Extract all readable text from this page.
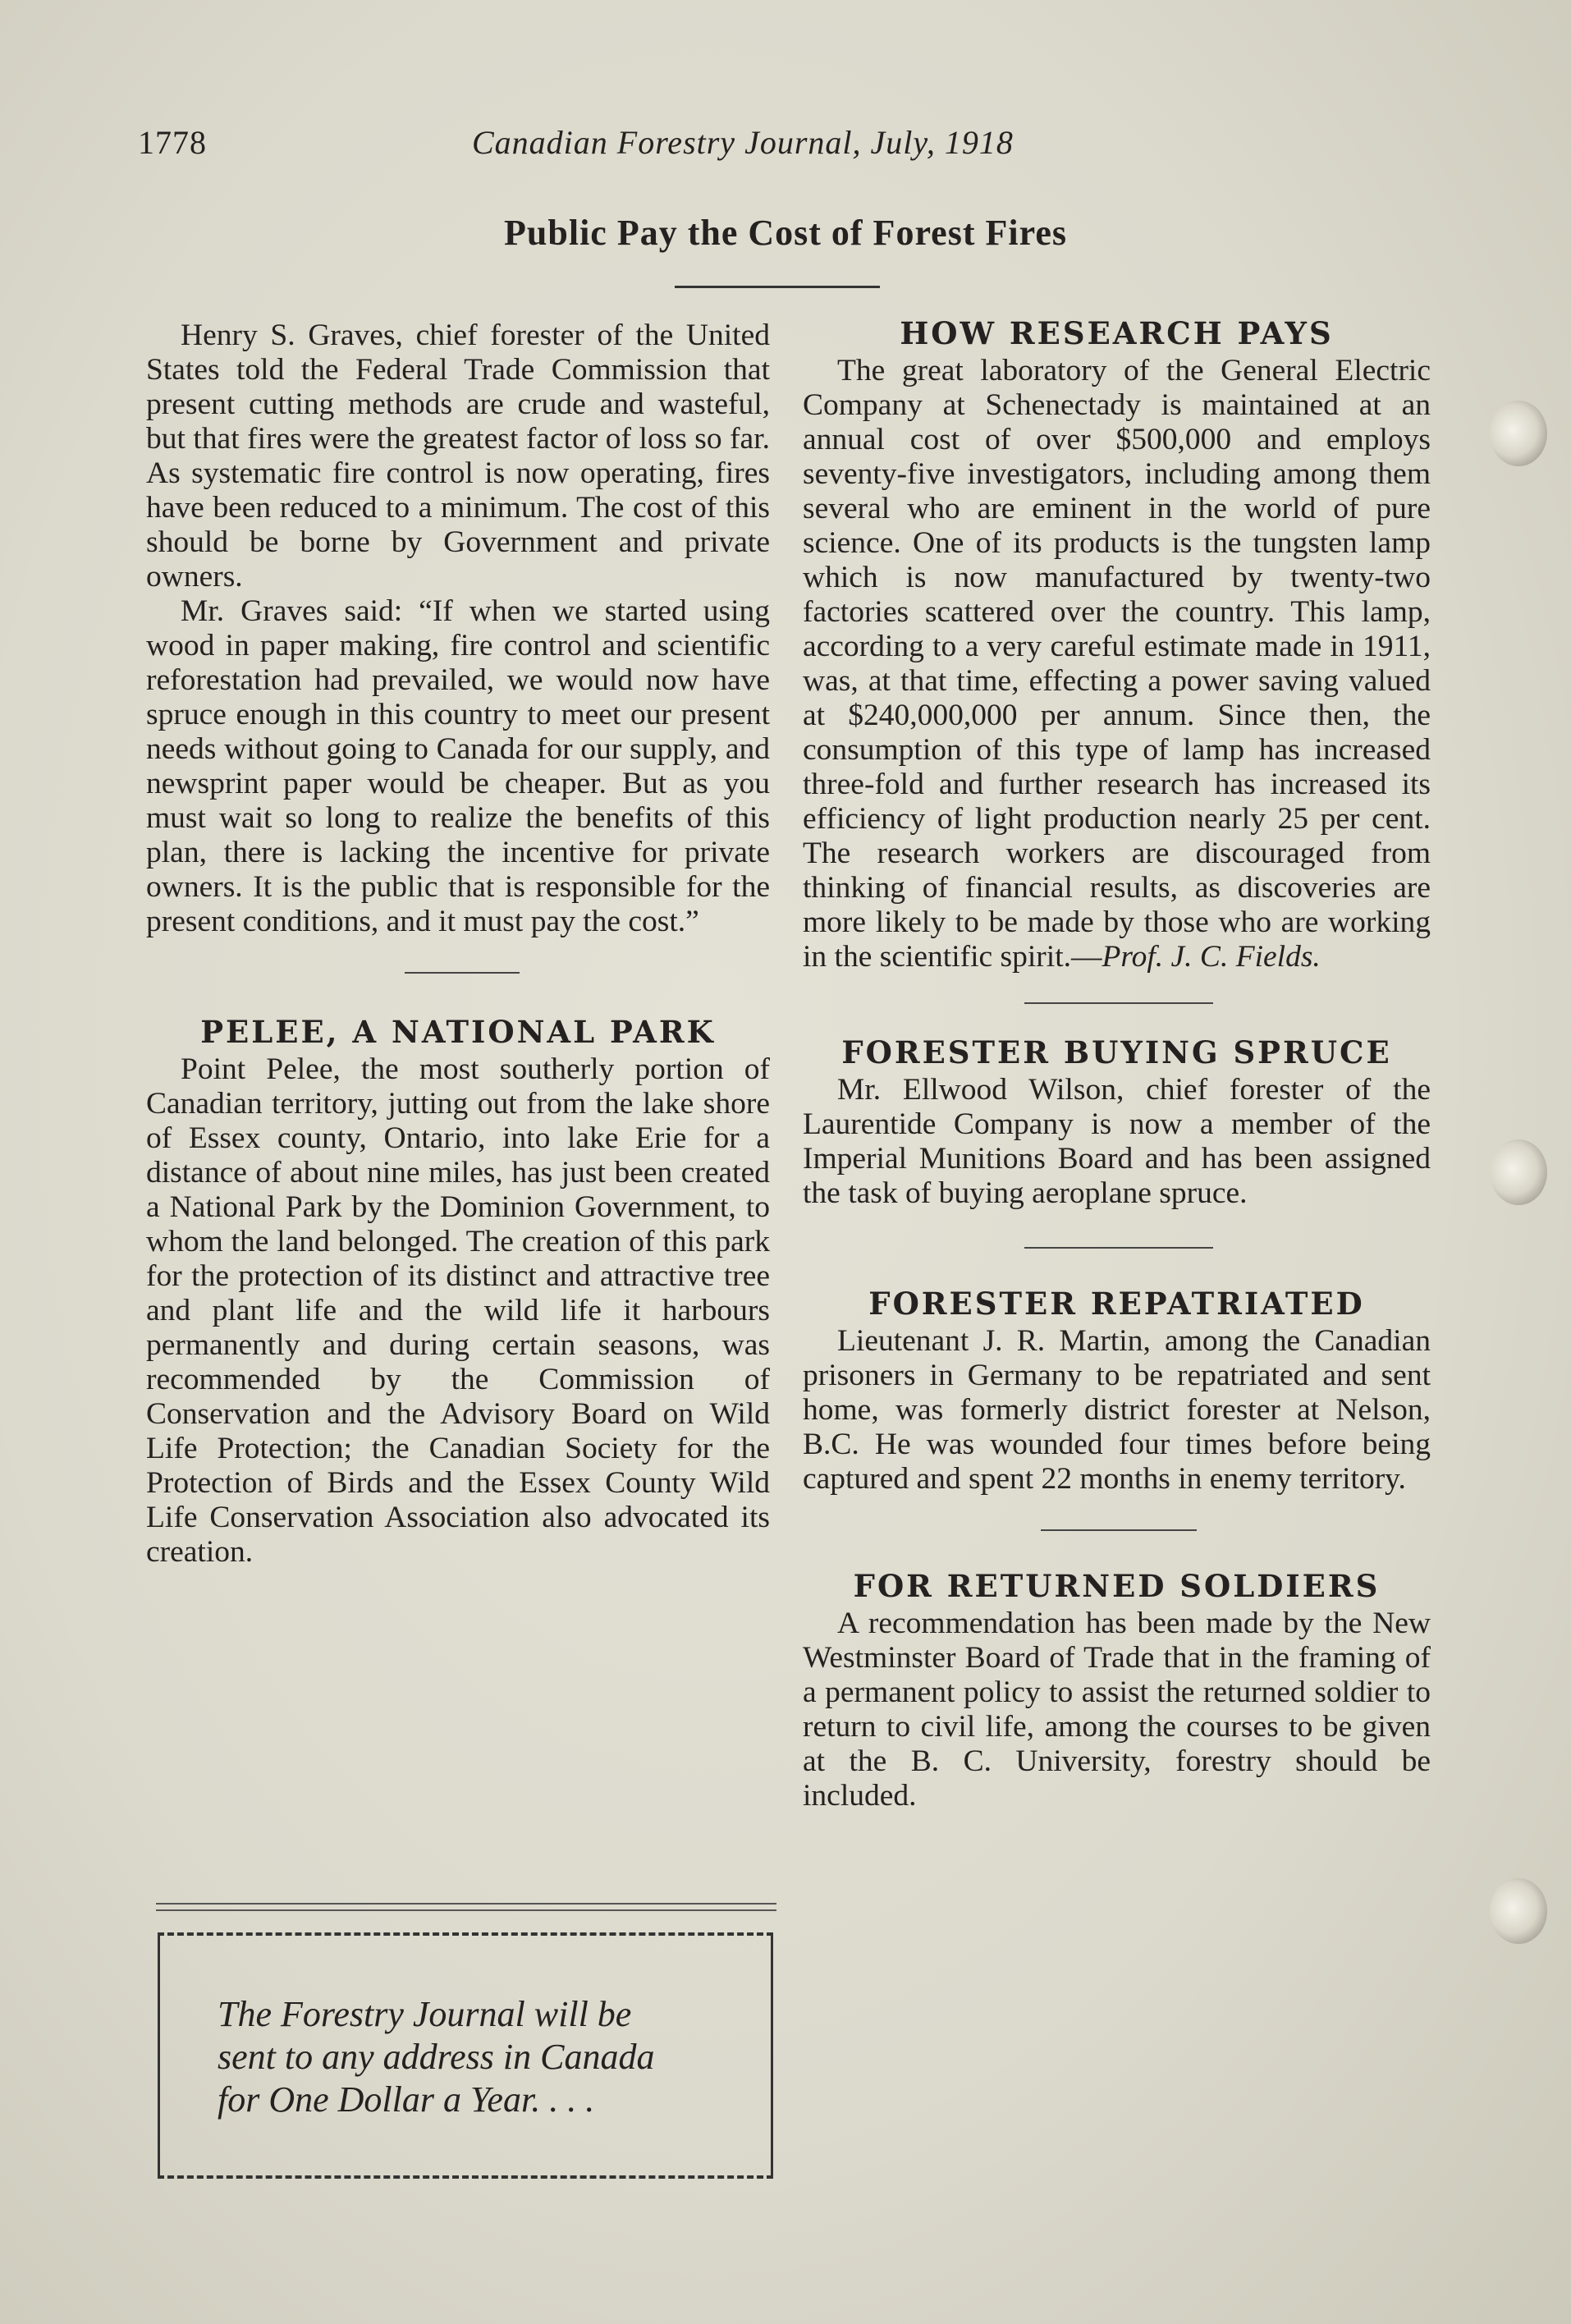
1778	Canadian Forestry Journal, July, 1918
Public Pay the Cost of Forest Fires

Henry S. Graves, chief forester of the United States told the Federal Trade Commission that present cutting methods are crude and wasteful, but that fires were the greatest factor of loss so far. As systematic fire control is now operating, fires have been reduced to a minimum. The cost of this should be borne by Government and private owners.

Mr. Graves said: “If when we started using wood in paper making, fire control and scientific reforestation had prevailed, we would now have spruce enough in this country to meet our present needs without going to Canada for our supply, and newsprint paper would be cheaper. But as you must wait so long to realize the benefits of this plan, there is lacking the incentive for private owners. It is the public that is responsible for the present conditions, and it must pay the cost.”

PELEE, A NATIONAL PARK

Point Pelee, the most southerly portion of Canadian territory, jutting out from the lake shore of Essex county, Ontario, into lake Erie for a distance of about nine miles, has just been created a National Park by the Dominion Government, to whom the land belonged. The creation of this park for the protection of its distinct and attractive tree and plant life and the wild life it harbours permanently and during certain seasons, was recommended by the Commission of Conservation and the Advisory Board on Wild Life Protection; the Canadian Society for the Protection of Birds and the Essex County Wild Life Conservation Association also advocated its creation.

The Forestry Journal will be
sent to any address in Canada
for One Dollar a Year. . . .
HOW RESEARCH PAYS

The great laboratory of the General Electric Company at Schenectady is maintained at an annual cost of over $500,000 and employs seventy-five investigators, including among them several who are eminent in the world of pure science. One of its products is the tungsten lamp which is now manufactured by twenty-two factories scattered over the country. This lamp, according to a very careful estimate made in 1911, was, at that time, effecting a power saving valued at $240,000,000 per annum. Since then, the consumption of this type of lamp has increased three-fold and further research has increased its efficiency of light production nearly 25 per cent. The research workers are discouraged from thinking of financial results, as discoveries are more likely to be made by those who are working in the scientific spirit.—Prof. J. C. Fields.

FORESTER BUYING SPRUCE

Mr. Ellwood Wilson, chief forester of the Laurentide Company is now a member of the Imperial Munitions Board and has been assigned the task of buying aeroplane spruce.

FORESTER REPATRIATED

Lieutenant J. R. Martin, among the Canadian prisoners in Germany to be repatriated and sent home, was formerly district forester at Nelson, B.C. He was wounded four times before being captured and spent 22 months in enemy territory.

FOR RETURNED SOLDIERS

A recommendation has been made by the New Westminster Board of Trade that in the framing of a permanent policy to assist the returned soldier to return to civil life, among the courses to be given at the B. C. University, forestry should be included.
